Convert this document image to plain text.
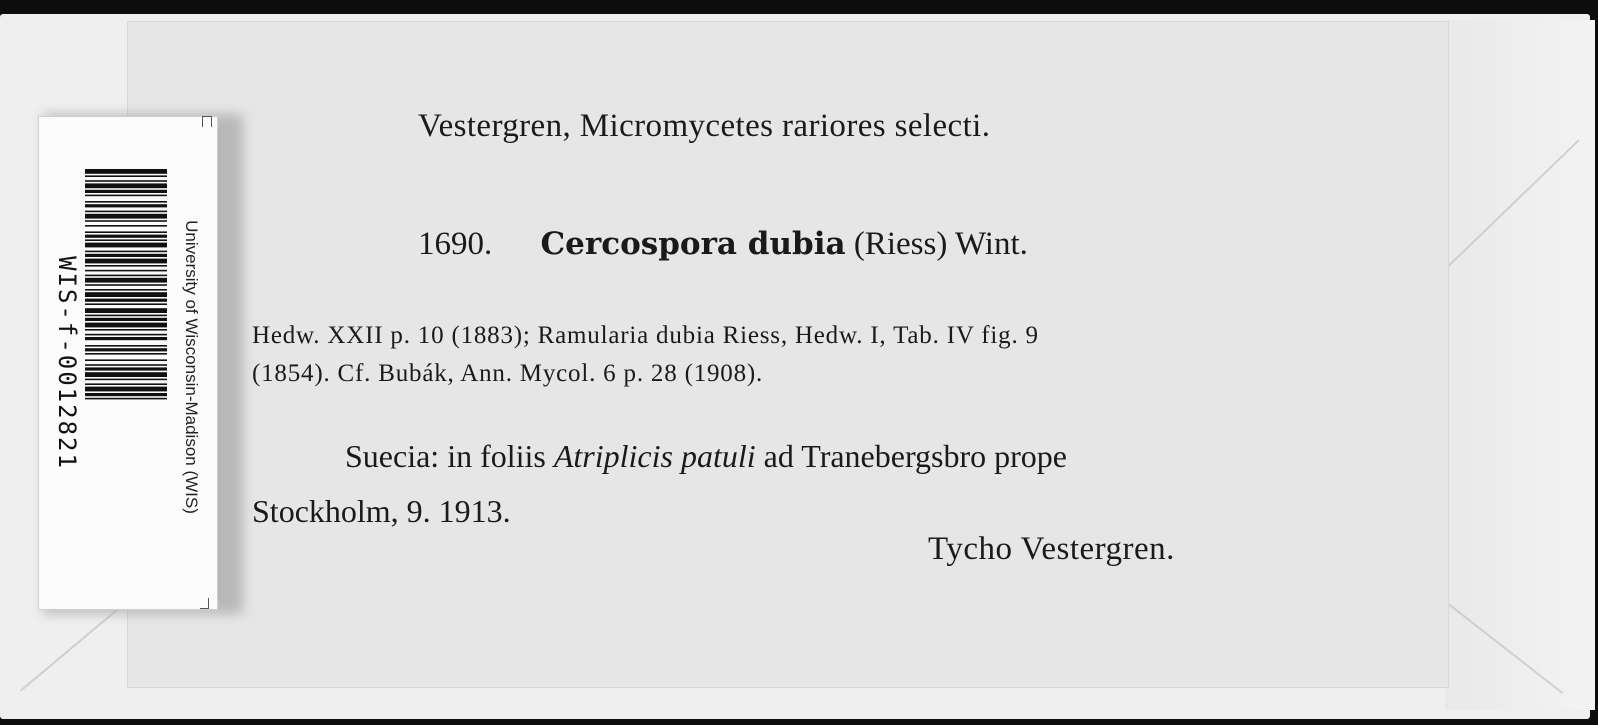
Vestergren, Micromycetes rariores selecti.
1690. Cercospora dubia (Riess) Wint.
Hedw. XXII p. 10 (1883); Ramularia dubia Riess, Hedw. I, Tab. IV fig. 9
(1854). Cf. Bubák, Ann. Mycol. 6 p. 28 (1908).
Suecia: in foliis Atriplicis patuli ad Tranebergsbro prope
Stockholm, 9. 1913.
Tycho Vestergren.
WIS-f-0012821	University of Wisconsin-Madison (WIS)
